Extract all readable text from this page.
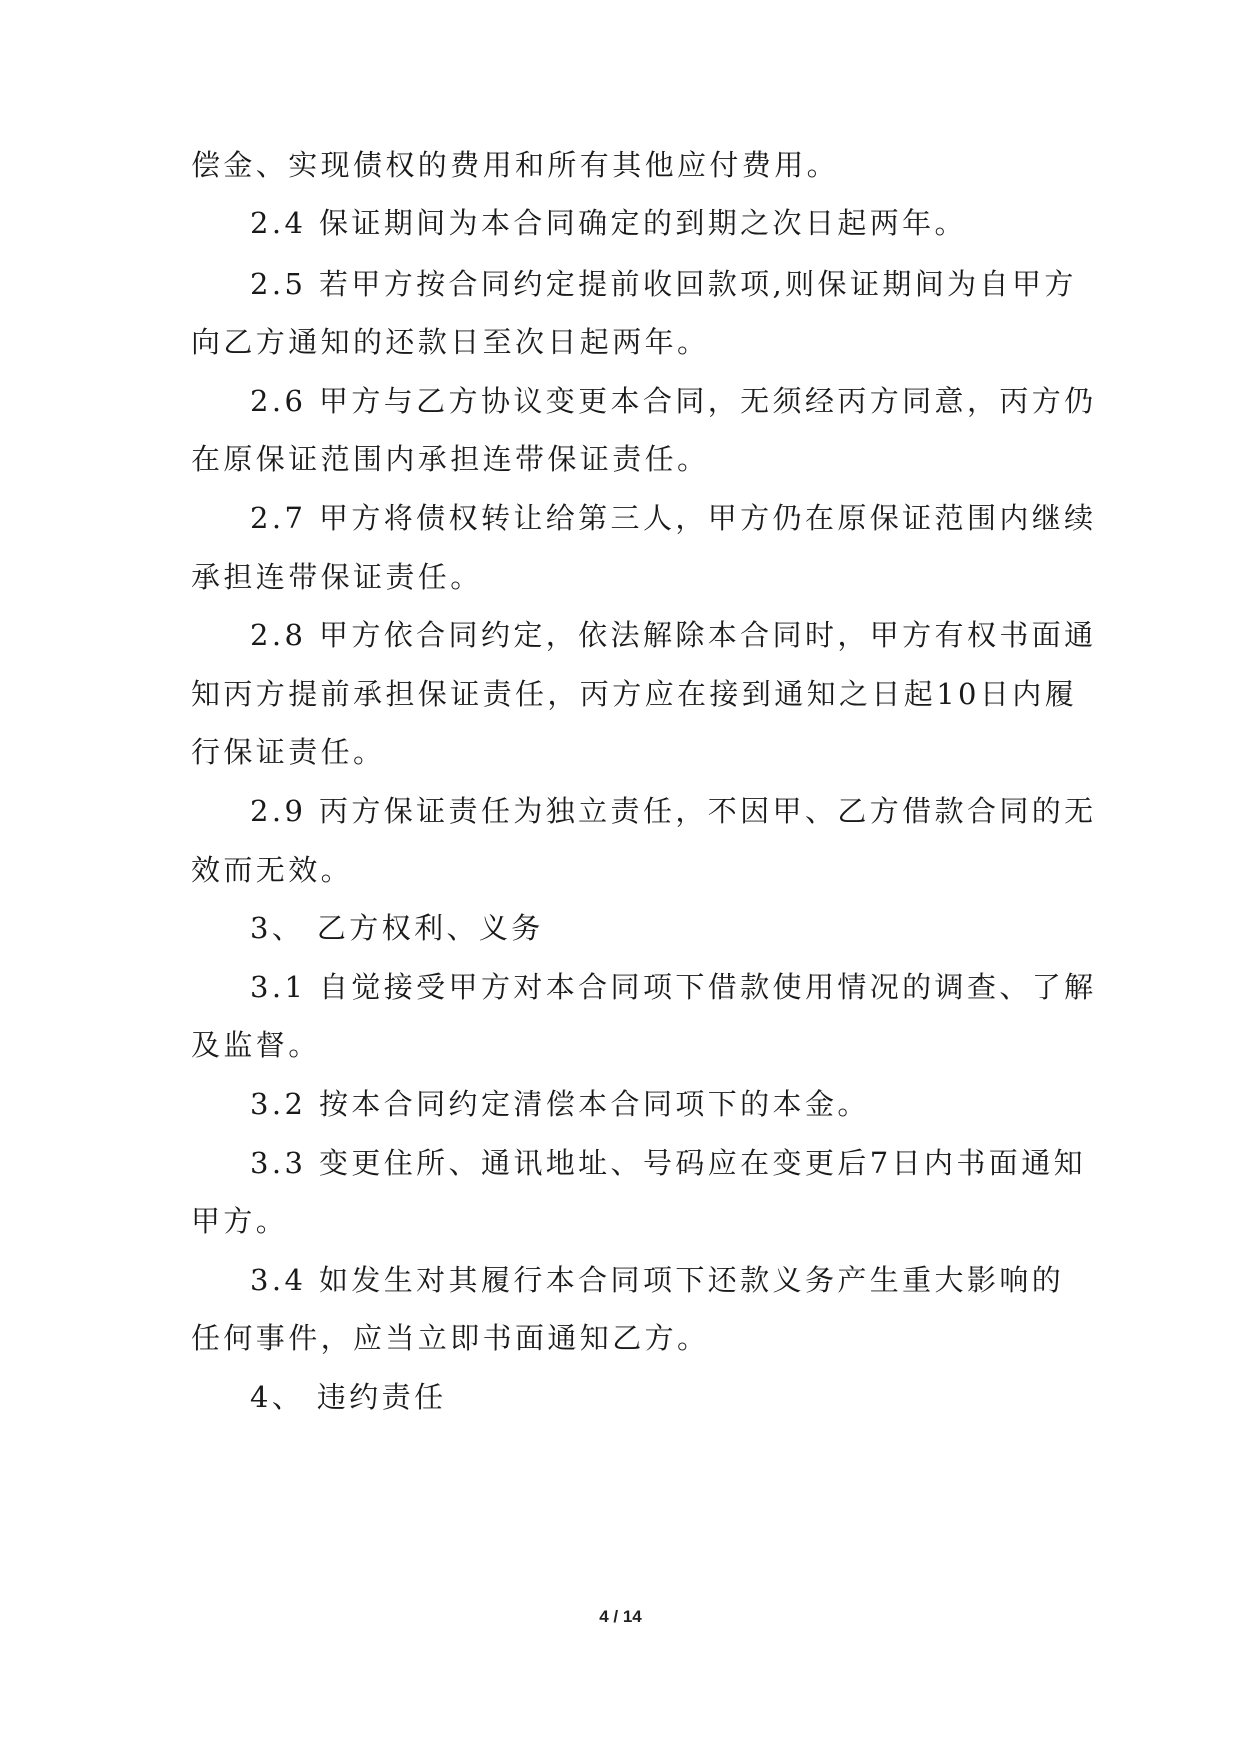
偿金、实现债权的费用和所有其他应付费用。
2.4 保证期间为本合同确定的到期之次日起两年。
2.5 若甲方按合同约定提前收回款项,则保证期间为自甲方
向乙方通知的还款日至次日起两年。
2.6 甲方与乙方协议变更本合同，无须经丙方同意，丙方仍
在原保证范围内承担连带保证责任。
2.7 甲方将债权转让给第三人，甲方仍在原保证范围内继续
承担连带保证责任。
2.8 甲方依合同约定，依法解除本合同时，甲方有权书面通
知丙方提前承担保证责任，丙方应在接到通知之日起10日内履
行保证责任。
2.9 丙方保证责任为独立责任，不因甲、乙方借款合同的无
效而无效。
3、 乙方权利、义务
3.1 自觉接受甲方对本合同项下借款使用情况的调查、了解
及监督。
3.2 按本合同约定清偿本合同项下的本金。
3.3 变更住所、通讯地址、号码应在变更后7日内书面通知
甲方。
3.4 如发生对其履行本合同项下还款义务产生重大影响的
任何事件，应当立即书面通知乙方。
4、 违约责任
4 / 14
